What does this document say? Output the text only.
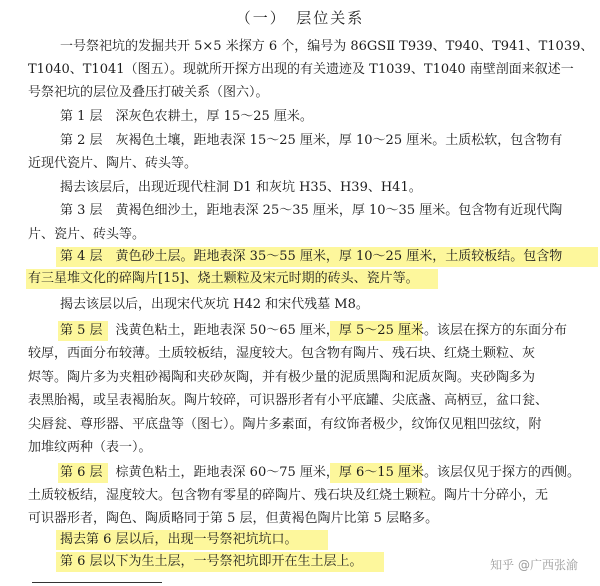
（一）　层位关系
一号祭祀坑的发掘共开 5×5 米探方 6 个，编号为 86GSⅡ T939、T940、T941、T1039、
T1040、T1041（图五）。现就所开探方出现的有关遗迹及 T1039、T1040 南壁剖面来叙述一
号祭祀坑的层位及叠压打破关系（图六）。
第 1 层　深灰色农耕土，厚 15～25 厘米。
第 2 层　灰褐色土壤，距地表深 15～25 厘米，厚 10～25 厘米。土质松软，包含物有
近现代瓷片、陶片、砖头等。
揭去该层后，出现近现代柱洞 D1 和灰坑 H35、H39、H41。
第 3 层　黄褐色细沙土，距地表深 25～35 厘米，厚 10～35 厘米。包含物有近现代陶
片、瓷片、砖头等。
第 4 层　黄色砂土层。距地表深 35～55 厘米，厚 10～25 厘米，土质较板结。包含物
有三星堆文化的碎陶片[15]、烧土颗粒及宋元时期的砖头、瓷片等。
揭去该层以后，出现宋代灰坑 H42 和宋代残墓 M8。
第 5 层　浅黄色粘土，距地表深 50～65 厘米，厚 5～25 厘米。该层在探方的东面分布
较厚，西面分布较薄。土质较板结，湿度较大。包含物有陶片、残石块、红烧土颗粒、灰
烬等。陶片多为夹粗砂褐陶和夹砂灰陶，并有极少量的泥质黑陶和泥质灰陶。夹砂陶多为
表黑胎褐，或呈表褐胎灰。陶片较碎，可识器形者有小平底罐、尖底盏、高柄豆，盆口瓮、
尖唇瓮、尊形器、平底盘等（图七）。陶片多素面，有纹饰者极少，纹饰仅见粗凹弦纹，附
加堆纹两种（表一）。
第 6 层　棕黄色粘土，距地表深 60～75 厘米，厚 6～15 厘米。该层仅见于探方的西侧。
土质较板结，湿度较大。包含物有零星的碎陶片、残石块及红烧土颗粒。陶片十分碎小，无
可识器形者，陶色、陶质略同于第 5 层，但黄褐色陶片比第 5 层略多。
揭去第 6 层以后，出现一号祭祀坑坑口。
第 6 层以下为生土层，一号祭祀坑即开在生土层上。	知乎 @广西张渝
